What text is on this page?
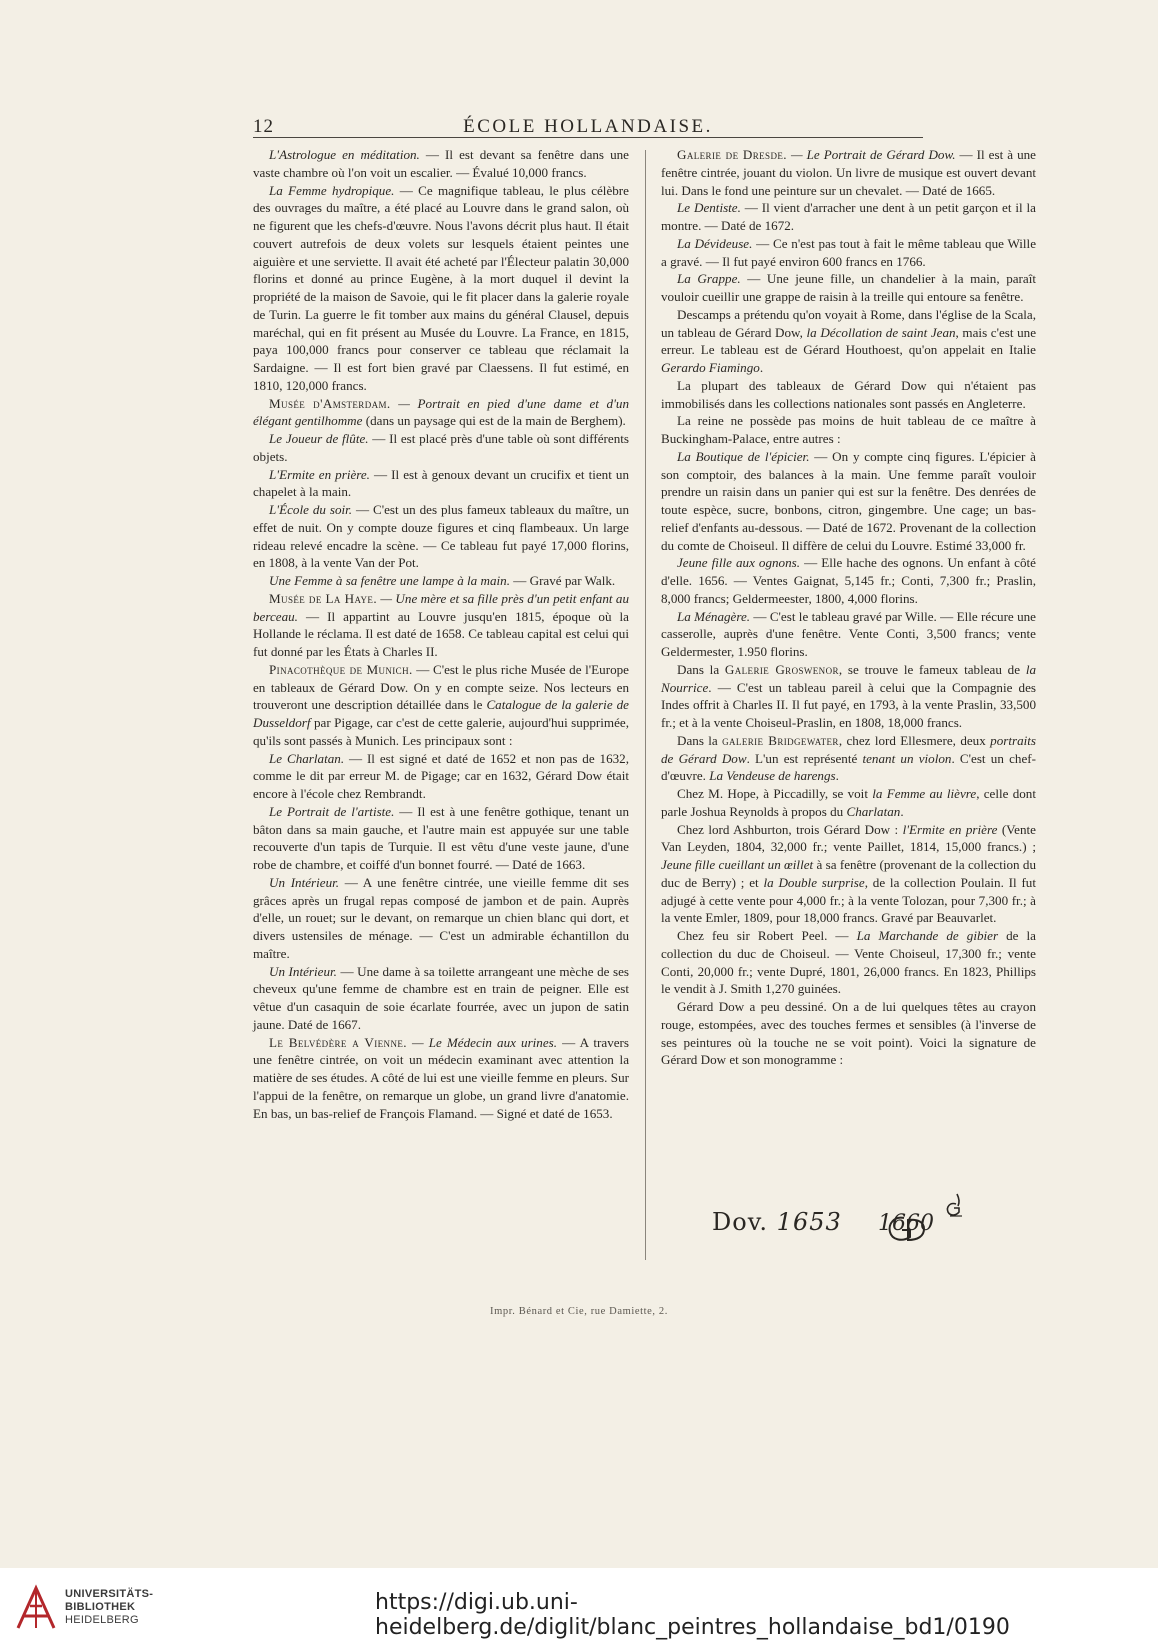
12	ÉCOLE HOLLANDAISE.

L'Astrologue en méditation. — Il est devant sa fenêtre dans une vaste chambre où l'on voit un escalier. — Évalué 10,000 francs.

La Femme hydropique. — Ce magnifique tableau, le plus célèbre des ouvrages du maître, a été placé au Louvre dans le grand salon, où ne figurent que les chefs-d'œuvre. Nous l'avons décrit plus haut. Il était couvert autrefois de deux volets sur lesquels étaient peintes une aiguière et une serviette. Il avait été acheté par l'Électeur palatin 30,000 florins et donné au prince Eugène, à la mort duquel il devint la propriété de la maison de Savoie, qui le fit placer dans la galerie royale de Turin. La guerre le fit tomber aux mains du général Clausel, depuis maréchal, qui en fit présent au Musée du Louvre. La France, en 1815, paya 100,000 francs pour conserver ce tableau que réclamait la Sardaigne. — Il est fort bien gravé par Claessens. Il fut estimé, en 1810, 120,000 francs.

Musée d'Amsterdam. — Portrait en pied d'une dame et d'un élégant gentilhomme (dans un paysage qui est de la main de Berghem).

Le Joueur de flûte. — Il est placé près d'une table où sont différents objets.

L'Ermite en prière. — Il est à genoux devant un crucifix et tient un chapelet à la main.

L'École du soir. — C'est un des plus fameux tableaux du maître, un effet de nuit. On y compte douze figures et cinq flambeaux. Un large rideau relevé encadre la scène. — Ce tableau fut payé 17,000 florins, en 1808, à la vente Van der Pot.

Une Femme à sa fenêtre une lampe à la main. — Gravé par Walk.

Musée de La Haye. — Une mère et sa fille près d'un petit enfant au berceau. — Il appartint au Louvre jusqu'en 1815, époque où la Hollande le réclama. Il est daté de 1658. Ce tableau capital est celui qui fut donné par les États à Charles II.

Pinacothèque de Munich. — C'est le plus riche Musée de l'Europe en tableaux de Gérard Dow. On y en compte seize. Nos lecteurs en trouveront une description détaillée dans le Catalogue de la galerie de Dusseldorf par Pigage, car c'est de cette galerie, aujourd'hui supprimée, qu'ils sont passés à Munich. Les principaux sont :

Le Charlatan. — Il est signé et daté de 1652 et non pas de 1632, comme le dit par erreur M. de Pigage; car en 1632, Gérard Dow était encore à l'école chez Rembrandt.

Le Portrait de l'artiste. — Il est à une fenêtre gothique, tenant un bâton dans sa main gauche, et l'autre main est appuyée sur une table recouverte d'un tapis de Turquie. Il est vêtu d'une veste jaune, d'une robe de chambre, et coiffé d'un bonnet fourré. — Daté de 1663.

Un Intérieur. — A une fenêtre cintrée, une vieille femme dit ses grâces après un frugal repas composé de jambon et de pain. Auprès d'elle, un rouet; sur le devant, on remarque un chien blanc qui dort, et divers ustensiles de ménage. — C'est un admirable échantillon du maître.

Un Intérieur. — Une dame à sa toilette arrangeant une mèche de ses cheveux qu'une femme de chambre est en train de peigner. Elle est vêtue d'un casaquin de soie écarlate fourrée, avec un jupon de satin jaune. Daté de 1667.

Le Belvédère a Vienne. — Le Médecin aux urines. — A travers une fenêtre cintrée, on voit un médecin examinant avec attention la matière de ses études. A côté de lui est une vieille femme en pleurs. Sur l'appui de la fenêtre, on remarque un globe, un grand livre d'anatomie. En bas, un bas-relief de François Flamand. — Signé et daté de 1653.

Galerie de Dresde. — Le Portrait de Gérard Dow. — Il est à une fenêtre cintrée, jouant du violon. Un livre de musique est ouvert devant lui. Dans le fond une peinture sur un chevalet. — Daté de 1665.

Le Dentiste. — Il vient d'arracher une dent à un petit garçon et il la montre. — Daté de 1672.

La Dévideuse. — Ce n'est pas tout à fait le même tableau que Wille a gravé. — Il fut payé environ 600 francs en 1766.

La Grappe. — Une jeune fille, un chandelier à la main, paraît vouloir cueillir une grappe de raisin à la treille qui entoure sa fenêtre.

Descamps a prétendu qu'on voyait à Rome, dans l'église de la Scala, un tableau de Gérard Dow, la Décollation de saint Jean, mais c'est une erreur. Le tableau est de Gérard Houthoest, qu'on appelait en Italie Gerardo Fiamingo.

La plupart des tableaux de Gérard Dow qui n'étaient pas immobilisés dans les collections nationales sont passés en Angleterre.

La reine ne possède pas moins de huit tableau de ce maître à Buckingham-Palace, entre autres :

La Boutique de l'épicier. — On y compte cinq figures. L'épicier à son comptoir, des balances à la main. Une femme paraît vouloir prendre un raisin dans un panier qui est sur la fenêtre. Des denrées de toute espèce, sucre, bonbons, citron, gingembre. Une cage; un bas-relief d'enfants au-dessous. — Daté de 1672. Provenant de la collection du comte de Choiseul. Il diffère de celui du Louvre. Estimé 33,000 fr.

Jeune fille aux ognons. — Elle hache des ognons. Un enfant à côté d'elle. 1656. — Ventes Gaignat, 5,145 fr.; Conti, 7,300 fr.; Praslin, 8,000 francs; Geldermeester, 1800, 4,000 florins.

La Ménagère. — C'est le tableau gravé par Wille. — Elle récure une casserolle, auprès d'une fenêtre. Vente Conti, 3,500 francs; vente Geldermester, 1.950 florins.

Dans la Galerie Groswenor, se trouve le fameux tableau de la Nourrice. — C'est un tableau pareil à celui que la Compagnie des Indes offrit à Charles II. Il fut payé, en 1793, à la vente Praslin, 33,500 fr.; et à la vente Choiseul-Praslin, en 1808, 18,000 francs.

Dans la galerie Bridgewater, chez lord Ellesmere, deux portraits de Gérard Dow. L'un est représenté tenant un violon. C'est un chef-d'œuvre. La Vendeuse de harengs.

Chez M. Hope, à Piccadilly, se voit la Femme au lièvre, celle dont parle Joshua Reynolds à propos du Charlatan.

Chez lord Ashburton, trois Gérard Dow : l'Ermite en prière (Vente Van Leyden, 1804, 32,000 fr.; vente Paillet, 1814, 15,000 francs.) ; Jeune fille cueillant un œillet à sa fenêtre (provenant de la collection du duc de Berry) ; et la Double surprise, de la collection Poulain. Il fut adjugé à cette vente pour 4,000 fr.; à la vente Tolozan, pour 7,300 fr.; à la vente Emler, 1809, pour 18,000 francs. Gravé par Beauvarlet.

Chez feu sir Robert Peel. — La Marchande de gibier de la collection du duc de Choiseul. — Vente Choiseul, 17,300 fr.; vente Conti, 20,000 fr.; vente Dupré, 1801, 26,000 francs. En 1823, Phillips le vendit à J. Smith 1,270 guinées.

Gérard Dow a peu dessiné. On a de lui quelques têtes au crayon rouge, estompées, avec des touches fermes et sensibles (à l'inverse de ses peintures où la touche ne se voit point). Voici la signature de Gérard Dow et son monogramme :

Dov. 1653 1660
Impr. Bénard et Cie, rue Damiette, 2.
UNIVERSITÄTS-
BIBLIOTHEK
HEIDELBERG
https://digi.ub.uni-heidelberg.de/diglit/blanc_peintres_hollandaise_bd1/0190
